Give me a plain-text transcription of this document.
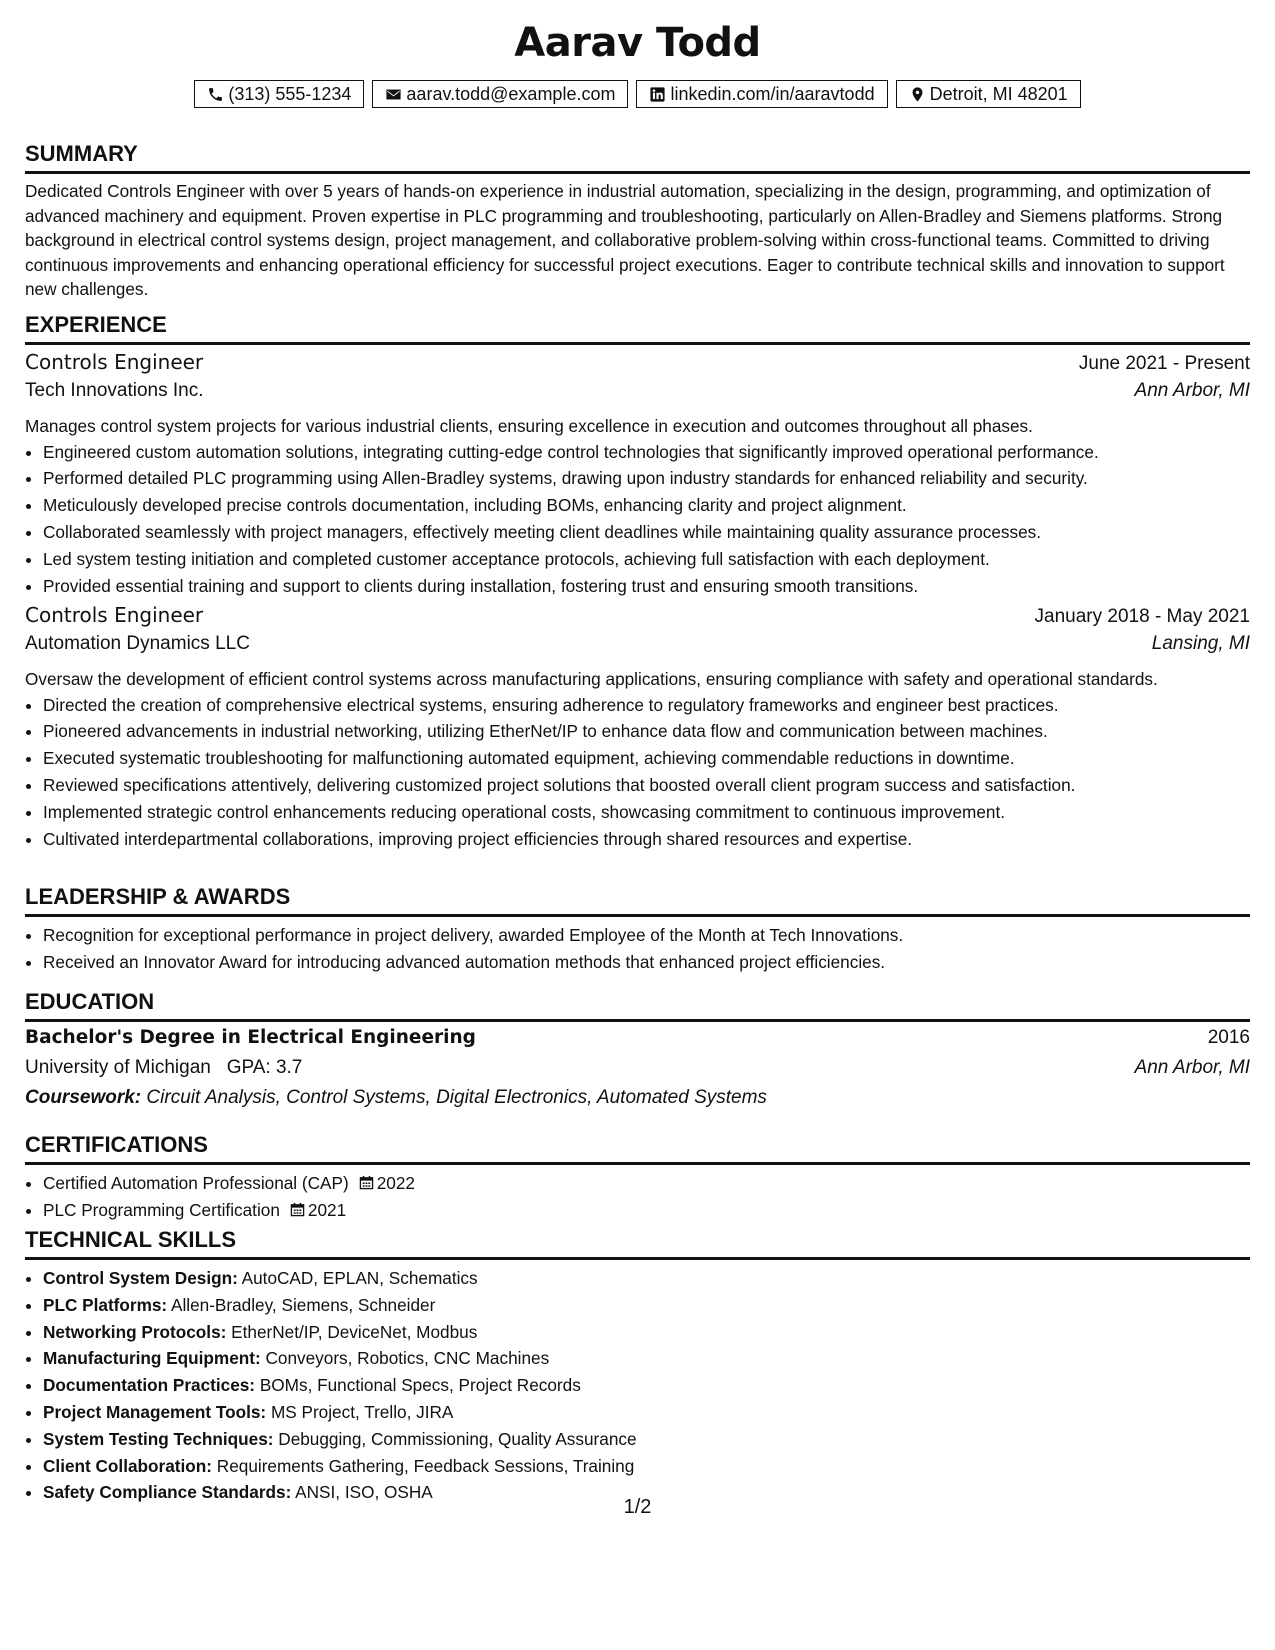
Aarav Todd
(313) 555-1234	aarav.todd@example.com	linkedin.com/in/aaravtodd	Detroit, MI 48201
SUMMARY
Dedicated Controls Engineer with over 5 years of hands-on experience in industrial automation, specializing in the design, programming, and optimization of advanced machinery and equipment. Proven expertise in PLC programming and troubleshooting, particularly on Allen-Bradley and Siemens platforms. Strong background in electrical control systems design, project management, and collaborative problem-solving within cross-functional teams. Committed to driving continuous improvements and enhancing operational efficiency for successful project executions. Eager to contribute technical skills and innovation to support new challenges.
EXPERIENCE
Controls Engineer	June 2021 - Present
Tech Innovations Inc.	Ann Arbor, MI
Manages control system projects for various industrial clients, ensuring excellence in execution and outcomes throughout all phases.
• Engineered custom automation solutions, integrating cutting-edge control technologies that significantly improved operational performance.
• Performed detailed PLC programming using Allen-Bradley systems, drawing upon industry standards for enhanced reliability and security.
• Meticulously developed precise controls documentation, including BOMs, enhancing clarity and project alignment.
• Collaborated seamlessly with project managers, effectively meeting client deadlines while maintaining quality assurance processes.
• Led system testing initiation and completed customer acceptance protocols, achieving full satisfaction with each deployment.
• Provided essential training and support to clients during installation, fostering trust and ensuring smooth transitions.
Controls Engineer	January 2018 - May 2021
Automation Dynamics LLC	Lansing, MI
Oversaw the development of efficient control systems across manufacturing applications, ensuring compliance with safety and operational standards.
• Directed the creation of comprehensive electrical systems, ensuring adherence to regulatory frameworks and engineer best practices.
• Pioneered advancements in industrial networking, utilizing EtherNet/IP to enhance data flow and communication between machines.
• Executed systematic troubleshooting for malfunctioning automated equipment, achieving commendable reductions in downtime.
• Reviewed specifications attentively, delivering customized project solutions that boosted overall client program success and satisfaction.
• Implemented strategic control enhancements reducing operational costs, showcasing commitment to continuous improvement.
• Cultivated interdepartmental collaborations, improving project efficiencies through shared resources and expertise.
LEADERSHIP & AWARDS
• Recognition for exceptional performance in project delivery, awarded Employee of the Month at Tech Innovations.
• Received an Innovator Award for introducing advanced automation methods that enhanced project efficiencies.
EDUCATION
Bachelor's Degree in Electrical Engineering	2016
University of Michigan GPA: 3.7	Ann Arbor, MI
Coursework: Circuit Analysis, Control Systems, Digital Electronics, Automated Systems
CERTIFICATIONS
• Certified Automation Professional (CAP) 2022
• PLC Programming Certification 2021
TECHNICAL SKILLS
• Control System Design: AutoCAD, EPLAN, Schematics
• PLC Platforms: Allen-Bradley, Siemens, Schneider
• Networking Protocols: EtherNet/IP, DeviceNet, Modbus
• Manufacturing Equipment: Conveyors, Robotics, CNC Machines
• Documentation Practices: BOMs, Functional Specs, Project Records
• Project Management Tools: MS Project, Trello, JIRA
• System Testing Techniques: Debugging, Commissioning, Quality Assurance
• Client Collaboration: Requirements Gathering, Feedback Sessions, Training
• Safety Compliance Standards: ANSI, ISO, OSHA
1/2
